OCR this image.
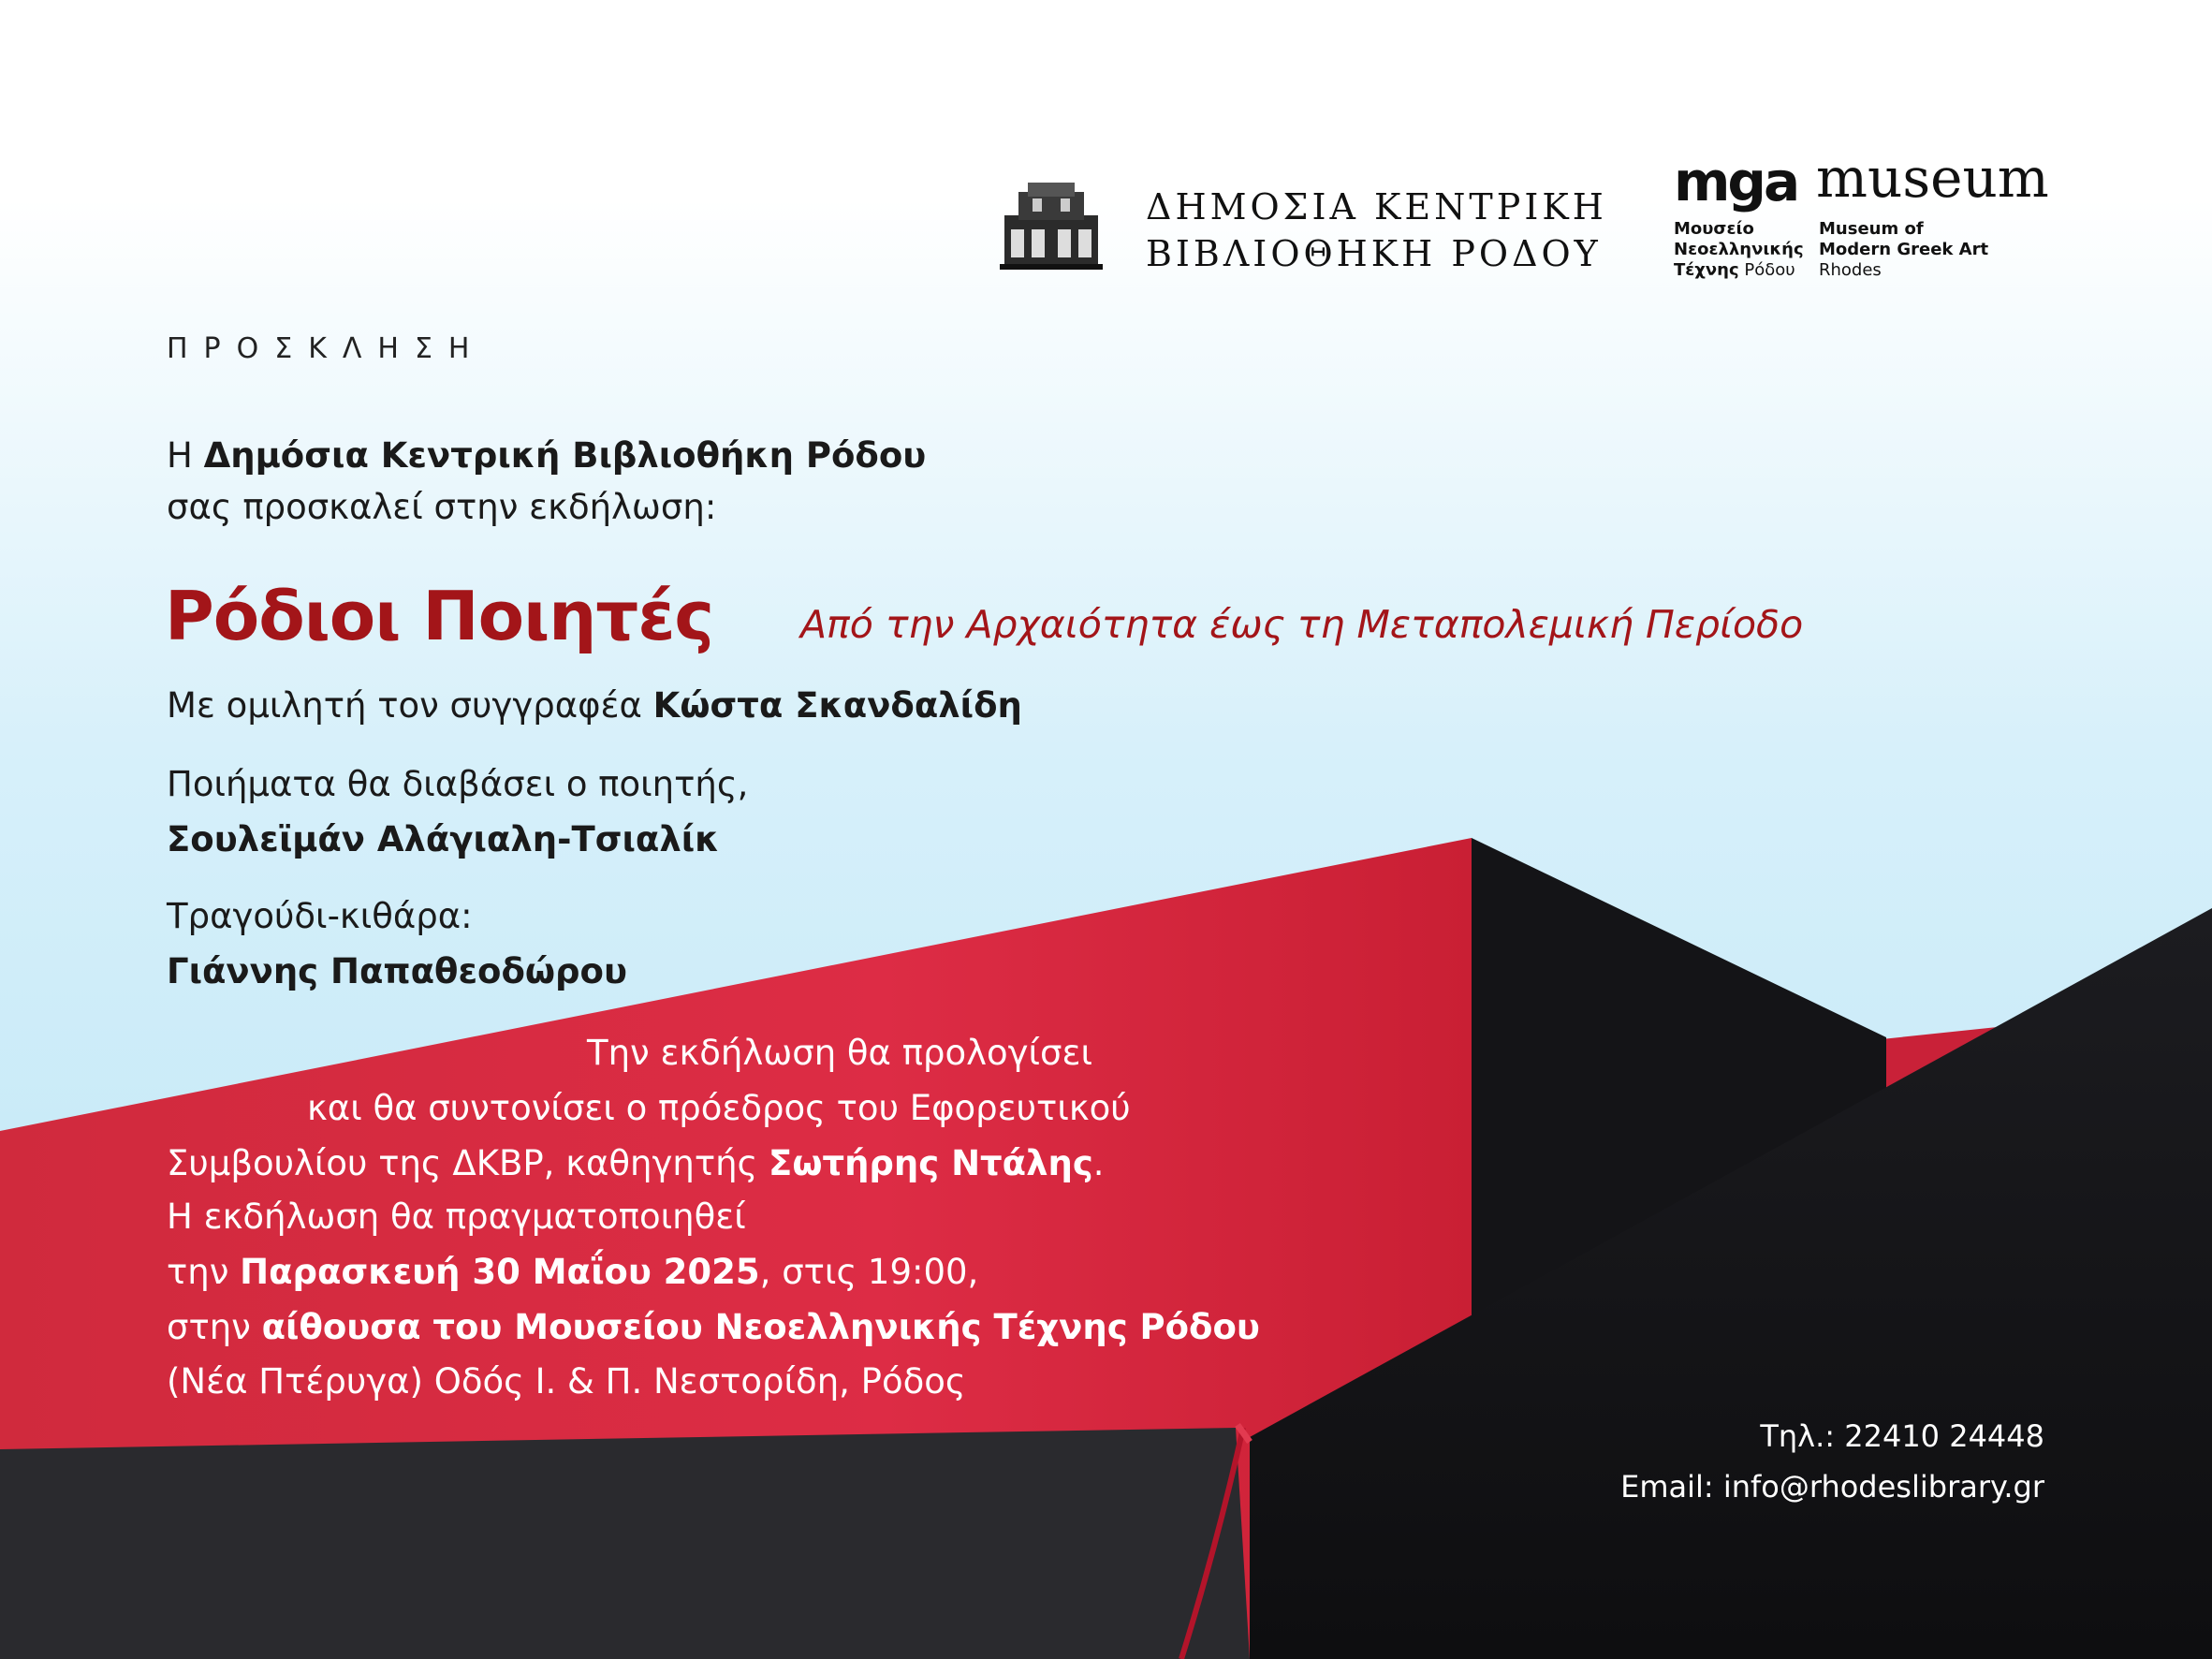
ΔΗΜΟΣΙΑ ΚΕΝΤΡΙΚΗ
ΒΙΒΛΙΟΘΗΚΗ ΡΟΔΟΥ
mga museum
Μουσείο
Νεοελληνικής
Τέχνης Ρόδου
Museum of
Modern Greek Art
Rhodes
ΠΡΟΣΚΛΗΣΗ
Η Δημόσια Κεντρική Βιβλιοθήκη Ρόδου
σας προσκαλεί στην εκδήλωση:
Ρόδιοι Ποιητές Από την Αρχαιότητα έως τη Μεταπολεμική Περίοδο
Με ομιλητή τον συγγραφέα Κώστα Σκανδαλίδη
Ποιήματα θα διαβάσει ο ποιητής,
Σουλεϊμάν Αλάγιαλη-Τσιαλίκ
Τραγούδι-κιθάρα:
Γιάννης Παπαθεοδώρου
Την εκδήλωση θα προλογίσει
και θα συντονίσει ο πρόεδρος του Εφορευτικού
Συμβουλίου της ΔΚΒΡ, καθηγητής Σωτήρης Ντάλης.
Η εκδήλωση θα πραγματοποιηθεί
την Παρασκευή 30 Μαΐου 2025, στις 19:00,
στην αίθουσα του Μουσείου Νεοελληνικής Τέχνης Ρόδου
(Νέα Πτέρυγα) Οδός Ι. & Π. Νεστορίδη, Ρόδος
Τηλ.: 22410 24448
Email: info@rhodeslibrary.gr
